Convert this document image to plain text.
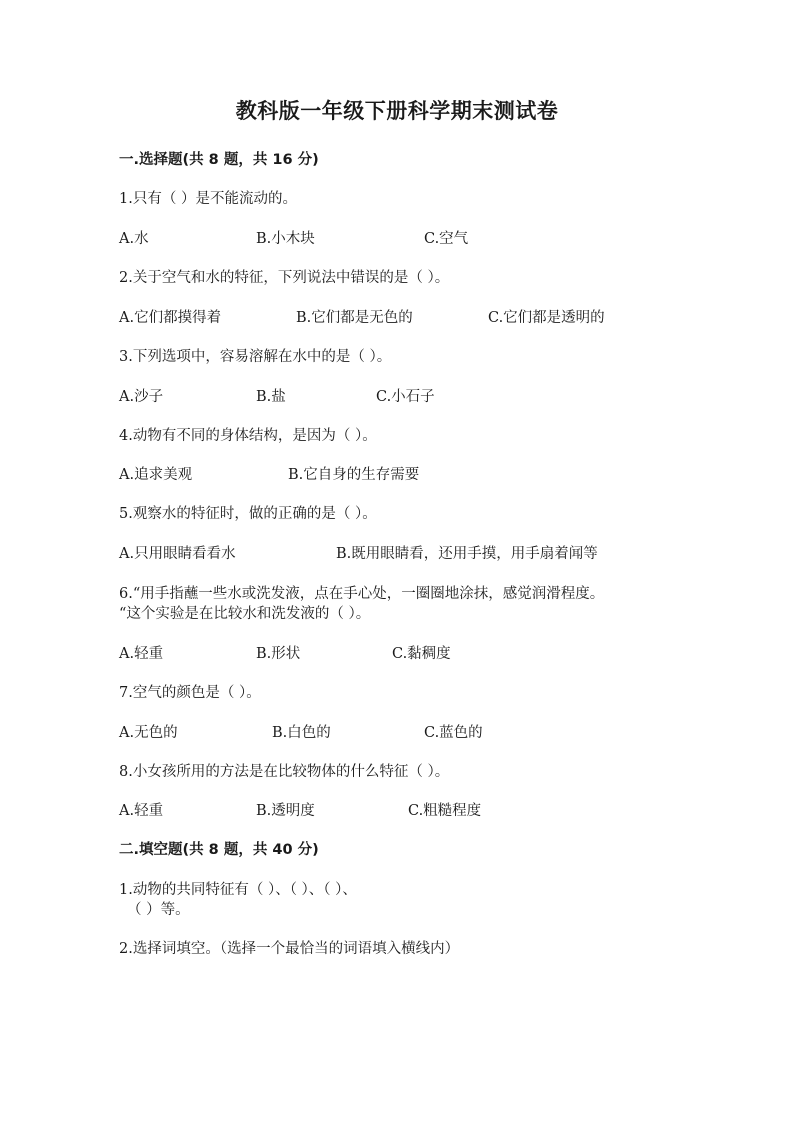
教科版一年级下册科学期末测试卷
一.选择题(共 8 题，共 16 分)
1.只有（ ）是不能流动的。
A.水	B.小木块	C.空气
2.关于空气和水的特征，下列说法中错误的是（ ）。
A.它们都摸得着	B.它们都是无色的	C.它们都是透明的
3.下列选项中，容易溶解在水中的是（ ）。
A.沙子	B.盐	C.小石子
4.动物有不同的身体结构，是因为（ ）。
A.追求美观	B.它自身的生存需要
5.观察水的特征时，做的正确的是（ ）。
A.只用眼睛看看水	B.既用眼睛看，还用手摸，用手扇着闻等
6.“用手指蘸一些水或洗发液，点在手心处，一圈圈地涂抹，感觉润滑程度。
“这个实验是在比较水和洗发液的（ ）。
A.轻重	B.形状	C.黏稠度
7.空气的颜色是（ ）。
A.无色的	B.白色的	C.蓝色的
8.小女孩所用的方法是在比较物体的什么特征（ ）。
A.轻重	B.透明度	C.粗糙程度
二.填空题(共 8 题，共 40 分)
1.动物的共同特征有（ ）、（ ）、（ ）、
（ ）等。
2.选择词填空。（选择一个最恰当的词语填入横线内）
